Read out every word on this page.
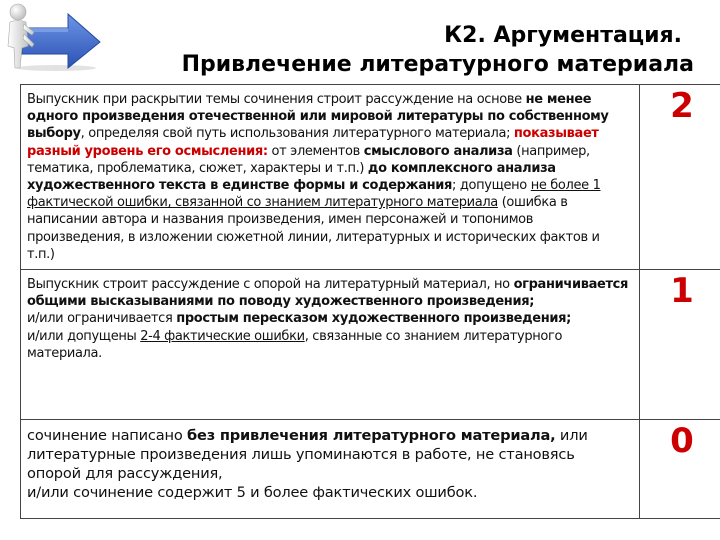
К2. Аргументация.
Привлечение литературного материала
Выпускник при раскрытии темы сочинения строит рассуждение на основе не менее одного произведения отечественной или мировой литературы по собственному выбору, определяя свой путь использования литературного материала; показывает разный уровень его осмысления: от элементов смыслового анализа (например, тематика, проблематика, сюжет, характеры и т.п.) до комплексного анализа художественного текста в единстве формы и содержания; допущено не более 1 фактической ошибки, связанной со знанием литературного материала (ошибка в написании автора и названия произведения, имен персонажей и топонимов произведения, в изложении сюжетной линии, литературных и исторических фактов и т.п.)	2

Выпускник строит рассуждение с опорой на литературный материал, но ограничивается общими высказываниями по поводу художественного произведения;
и/или ограничивается простым пересказом художественного произведения;
и/или допущены 2-4 фактические ошибки, связанные со знанием литературного материала.	1

сочинение написано без привлечения литературного материала, или литературные произведения лишь упоминаются в работе, не становясь опорой для рассуждения,
и/или сочинение содержит 5 и более фактических ошибок.	0
